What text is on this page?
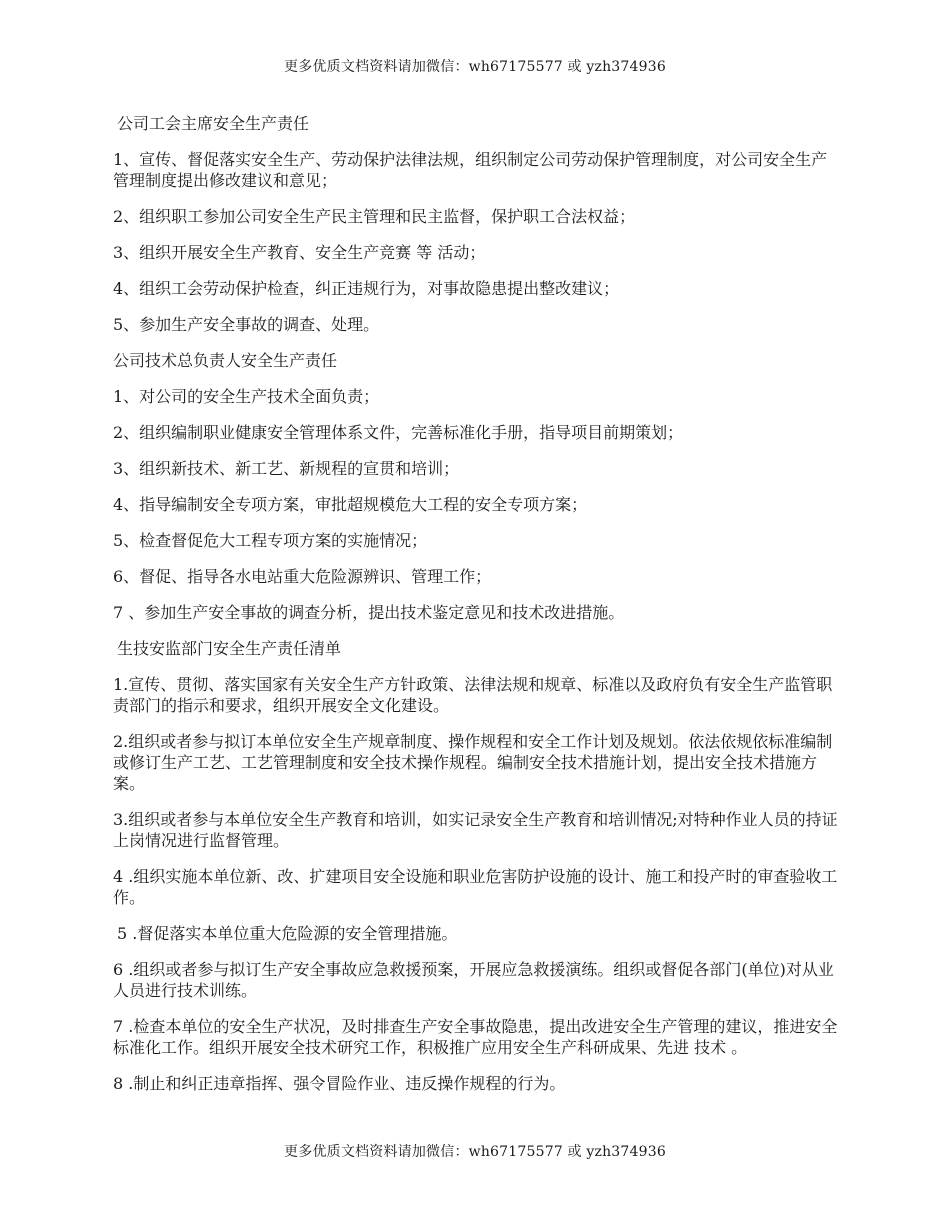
更多优质文档资料请加微信：wh67175577 或 yzh374936

公司工会主席安全生产责任

1、宣传、督促落实安全生产、劳动保护法律法规，组织制定公司劳动保护管理制度，对公司安全生产管理制度提出修改建议和意见；

2、组织职工参加公司安全生产民主管理和民主监督，保护职工合法权益；

3、组织开展安全生产教育、安全生产竞赛 等 活动；

4、组织工会劳动保护检查，纠正违规行为，对事故隐患提出整改建议；

5、参加生产安全事故的调查、处理。

公司技术总负责人安全生产责任

1、对公司的安全生产技术全面负责；

2、组织编制职业健康安全管理体系文件，完善标准化手册，指导项目前期策划；

3、组织新技术、新工艺、新规程的宣贯和培训；

4、指导编制安全专项方案，审批超规模危大工程的安全专项方案；

5、检查督促危大工程专项方案的实施情况；

6、督促、指导各水电站重大危险源辨识、管理工作；

7 、参加生产安全事故的调查分析，提出技术鉴定意见和技术改进措施。

生技安监部门安全生产责任清单

1.宣传、贯彻、落实国家有关安全生产方针政策、法律法规和规章、标准以及政府负有安全生产监管职责部门的指示和要求，组织开展安全文化建设。

2.组织或者参与拟订本单位安全生产规章制度、操作规程和安全工作计划及规划。依法依规依标准编制或修订生产工艺、工艺管理制度和安全技术操作规程。编制安全技术措施计划，提出安全技术措施方案。

3.组织或者参与本单位安全生产教育和培训，如实记录安全生产教育和培训情况;对特种作业人员的持证上岗情况进行监督管理。

4 .组织实施本单位新、改、扩建项目安全设施和职业危害防护设施的设计、施工和投产时的审查验收工作。

5 .督促落实本单位重大危险源的安全管理措施。

6 .组织或者参与拟订生产安全事故应急救援预案，开展应急救援演练。组织或督促各部门(单位)对从业人员进行技术训练。

7 .检查本单位的安全生产状况，及时排查生产安全事故隐患，提出改进安全生产管理的建议，推进安全标准化工作。组织开展安全技术研究工作，积极推广应用安全生产科研成果、先进 技术 。

8 .制止和纠正违章指挥、强令冒险作业、违反操作规程的行为。

更多优质文档资料请加微信：wh67175577 或 yzh374936
